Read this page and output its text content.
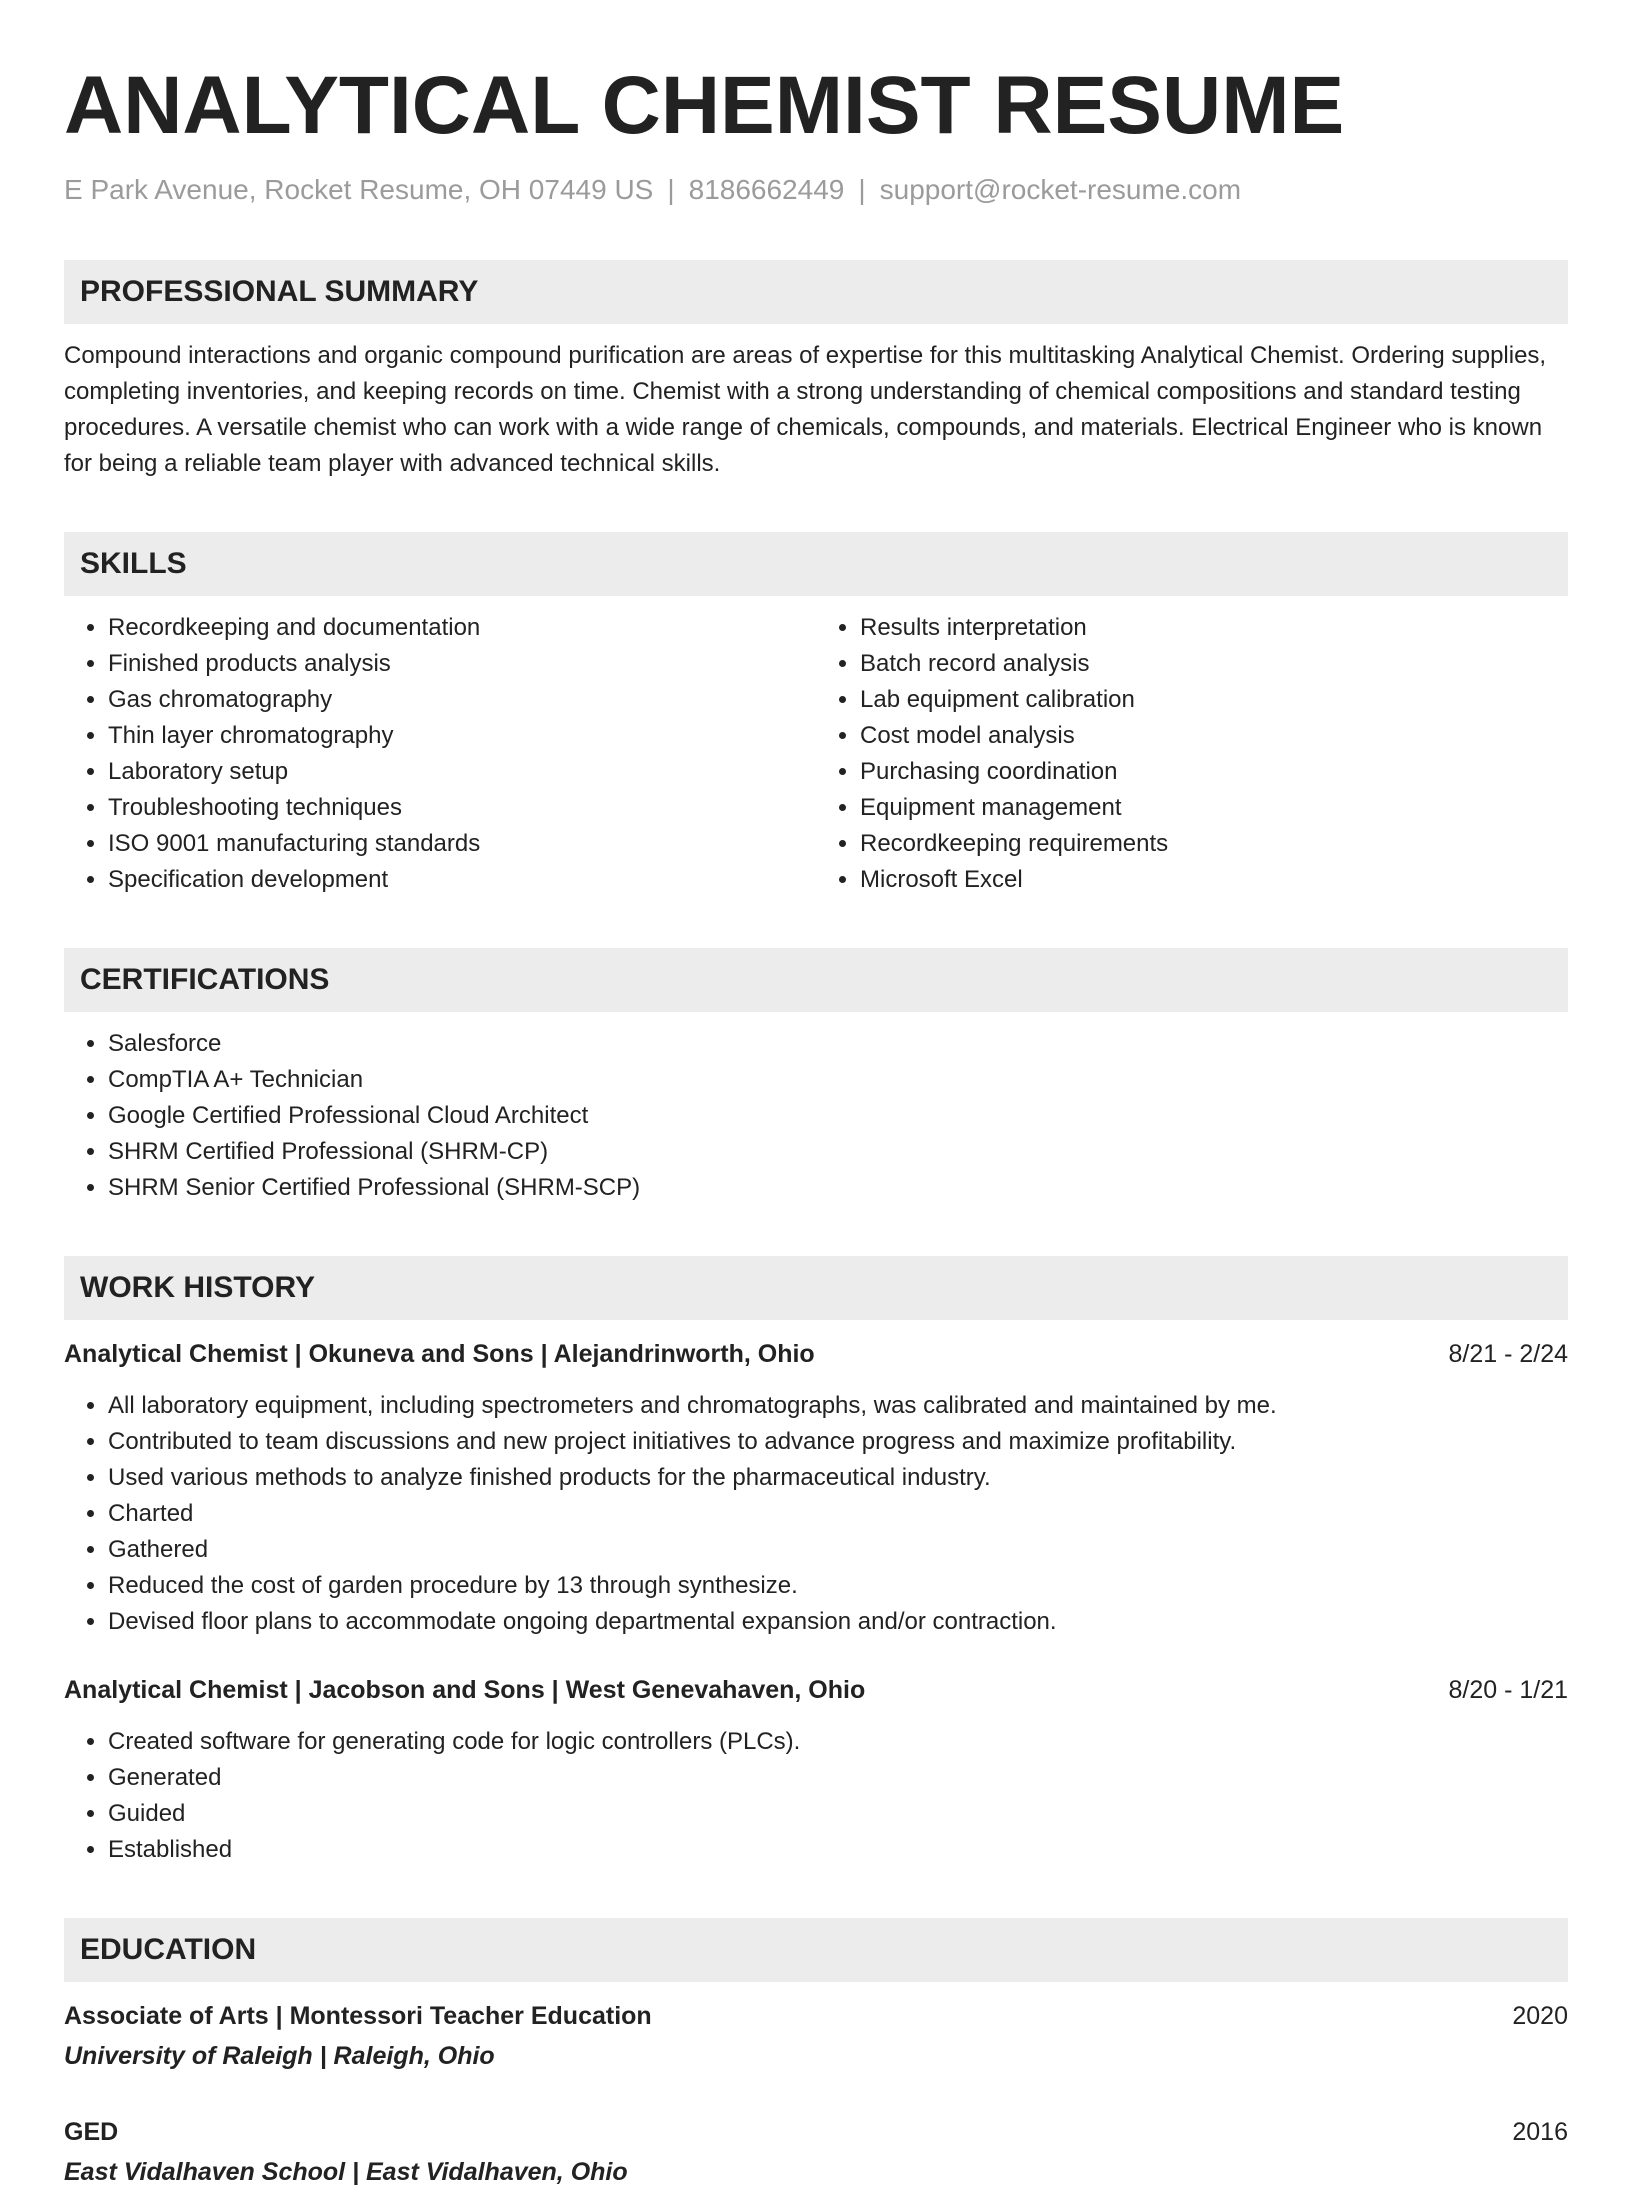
ANALYTICAL CHEMIST RESUME
E Park Avenue, Rocket Resume, OH 07449 US | 8186662449 | support@rocket-resume.com
PROFESSIONAL SUMMARY
Compound interactions and organic compound purification are areas of expertise for this multitasking Analytical Chemist. Ordering supplies, completing inventories, and keeping records on time. Chemist with a strong understanding of chemical compositions and standard testing procedures. A versatile chemist who can work with a wide range of chemicals, compounds, and materials. Electrical Engineer who is known for being a reliable team player with advanced technical skills.
SKILLS
• Recordkeeping and documentation
• Finished products analysis
• Gas chromatography
• Thin layer chromatography
• Laboratory setup
• Troubleshooting techniques
• ISO 9001 manufacturing standards
• Specification development
• Results interpretation
• Batch record analysis
• Lab equipment calibration
• Cost model analysis
• Purchasing coordination
• Equipment management
• Recordkeeping requirements
• Microsoft Excel
CERTIFICATIONS
• Salesforce
• CompTIA A+ Technician
• Google Certified Professional Cloud Architect
• SHRM Certified Professional (SHRM-CP)
• SHRM Senior Certified Professional (SHRM-SCP)
WORK HISTORY
Analytical Chemist | Okuneva and Sons | Alejandrinworth, Ohio	8/21 - 2/24
• All laboratory equipment, including spectrometers and chromatographs, was calibrated and maintained by me.
• Contributed to team discussions and new project initiatives to advance progress and maximize profitability.
• Used various methods to analyze finished products for the pharmaceutical industry.
• Charted
• Gathered
• Reduced the cost of garden procedure by 13 through synthesize.
• Devised floor plans to accommodate ongoing departmental expansion and/or contraction.
Analytical Chemist | Jacobson and Sons | West Genevahaven, Ohio	8/20 - 1/21
• Created software for generating code for logic controllers (PLCs).
• Generated
• Guided
• Established
EDUCATION
Associate of Arts | Montessori Teacher Education	2020
University of Raleigh | Raleigh, Ohio
GED	2016
East Vidalhaven School | East Vidalhaven, Ohio
